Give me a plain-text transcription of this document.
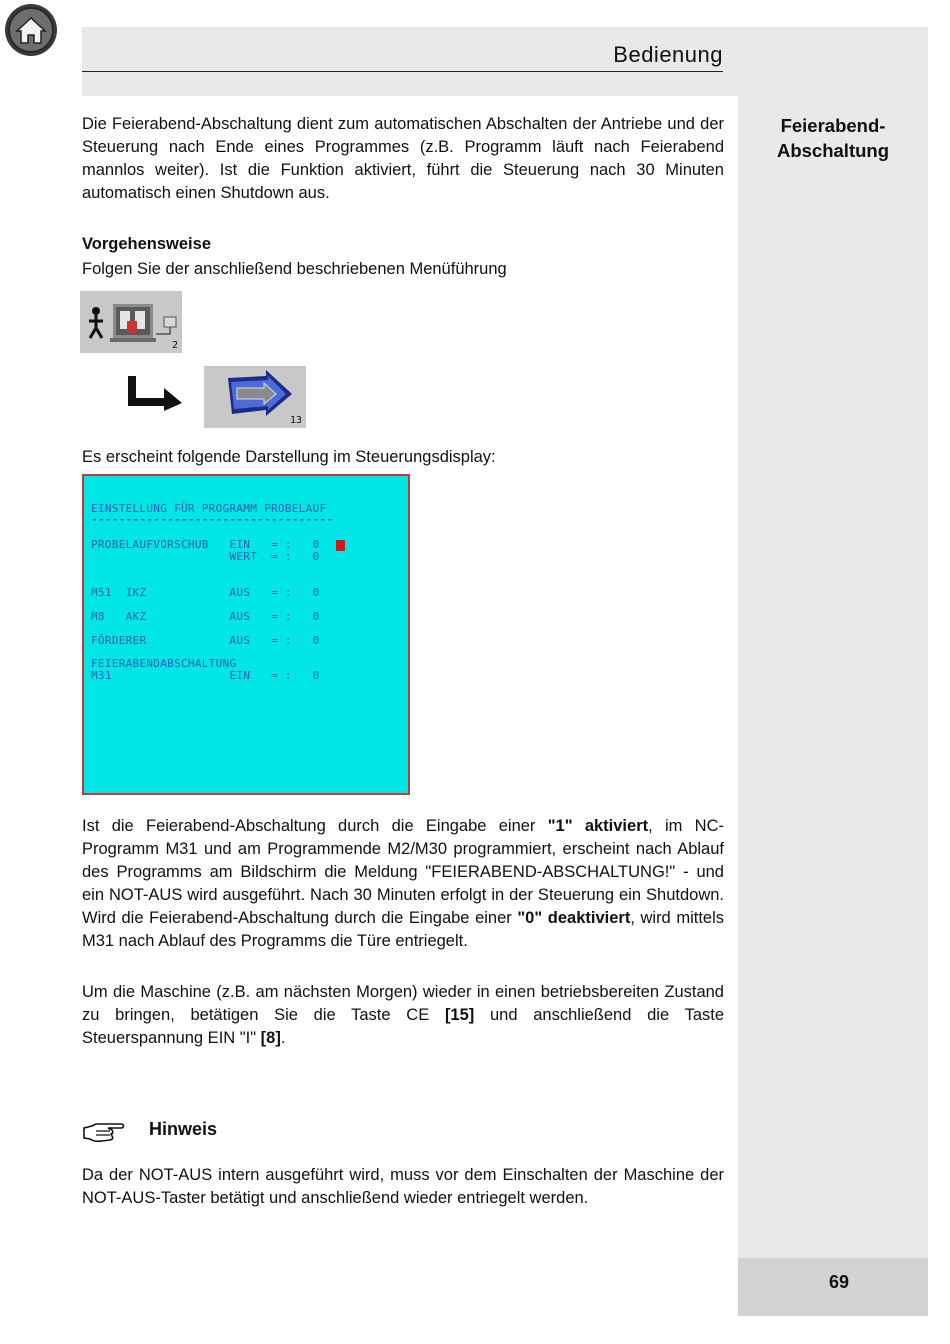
Bedienung
Feierabend-
Abschaltung

Die Feierabend-Abschaltung dient zum automatischen Abschalten der Antriebe und der Steuerung nach Ende eines Programmes (z.B. Programm läuft nach Feierabend mannlos weiter). Ist die Funktion aktiviert, führt die Steuerung nach 30 Minuten automatisch einen Shutdown aus.

Vorgehensweise
Folgen Sie der anschließend beschriebenen Menüführung
2
13
Es erscheint folgende Darstellung im Steuerungsdisplay:
EINSTELLUNG FÜR PROGRAMM PROBELAUF
-----------------------------------
PROBELAUFVORSCHUB   EIN   = :   0
WERT  = :   0
M51  IKZ            AUS   = :   0
M8   AKZ            AUS   = :   0
FÖRDERER            AUS   = :   0
FEIERABENDABSCHALTUNG
M31                 EIN   = :   0

Ist die Feierabend-Abschaltung durch die Eingabe einer "1" aktiviert, im NC-Programm M31 und am Programmende M2/M30 programmiert, erscheint nach Ablauf des Programms am Bildschirm die Meldung "FEIERABEND-ABSCHALTUNG!" - und ein NOT-AUS wird ausgeführt. Nach 30 Minuten erfolgt in der Steuerung ein Shutdown. Wird die Feierabend-Abschaltung durch die Eingabe einer "0" deaktiviert, wird mittels M31 nach Ablauf des Programms die Türe entriegelt.

Um die Maschine (z.B. am nächsten Morgen) wieder in einen betriebsbereiten Zustand zu bringen, betätigen Sie die Taste CE [15] und anschließend die Taste Steuerspannung EIN "I" [8].

Hinweis

Da der NOT-AUS intern ausgeführt wird, muss vor dem Einschalten der Maschine der NOT-AUS-Taster betätigt und anschließend wieder entriegelt werden.

69
